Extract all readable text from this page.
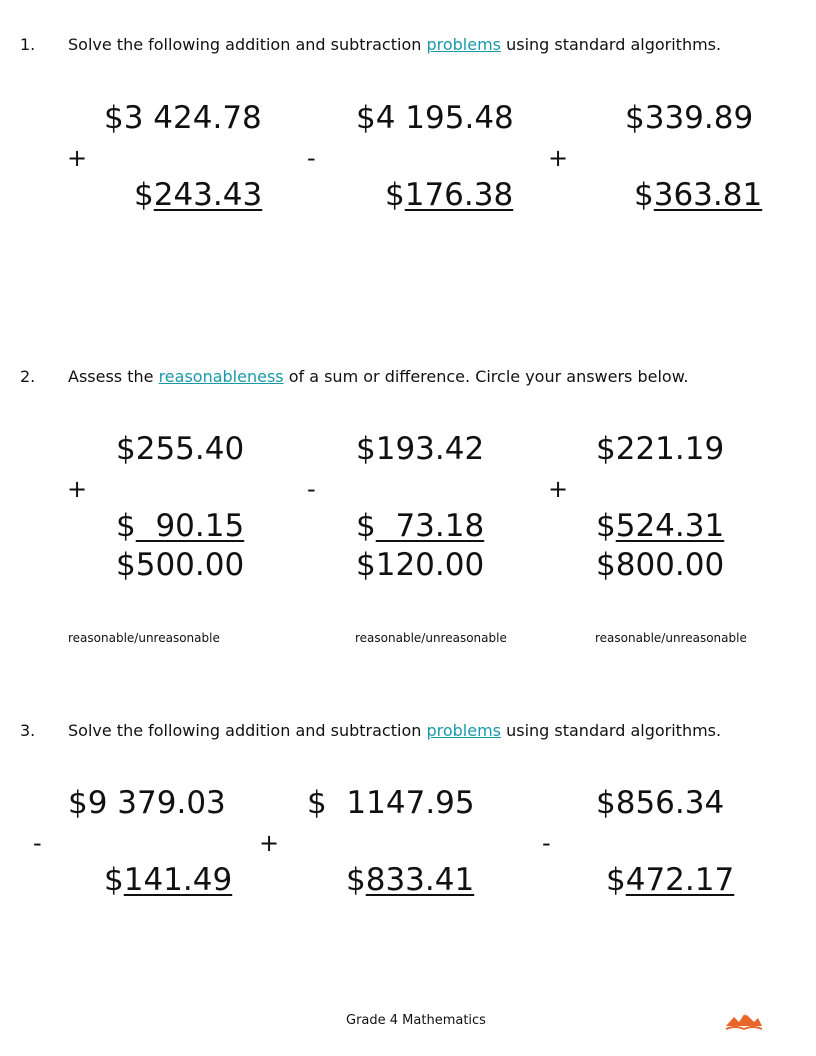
1. Solve the following addition and subtraction problems using standard algorithms.
$3 424.78
+
$243.43
$4 195.48
-
$176.38
$339.89
+
$363.81
2. Assess the reasonableness of a sum or difference. Circle your answers below.
$255.40
+
$  90.15
$500.00
reasonable/unreasonable
$193.42
-
$  73.18
$120.00
reasonable/unreasonable
$221.19
+
$524.31
$800.00
reasonable/unreasonable
3. Solve the following addition and subtraction problems using standard algorithms.
$9 379.03
-
$141.49
$  1147.95
+
$833.41
$856.34
-
$472.17
Grade 4 Mathematics
